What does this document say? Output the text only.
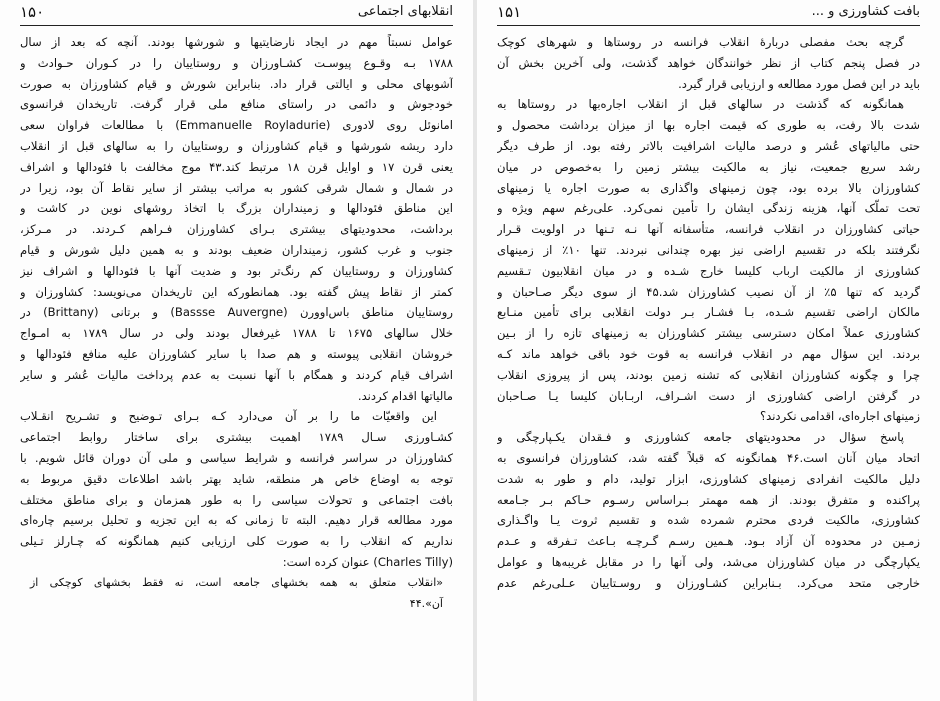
انقلابهای اجتماعی
۱۵۰
عوامل نسبتاً مهم در ایجاد نارضایتیها و شورشها بودند. آنچه که بعد از سال
۱۷۸۸ بـه وقـوع پیوسـت کشـاورزان و روستاییان را در کـوران حـوادث و
آشوبهای محلی و ایالتی قرار داد. بنابراین شورش و قیام کشاورزان به صورت
خودجوش و دائمی در راستای منافع ملی قرار گرفت. تاریخدان فرانسوی
امانوئل روی لادوری (Emmanuelle Royladurie) با مطالعات فراوان سعی
دارد ریشه شورشها و قیام کشاورزان و روستاییان را به سالهای قبل از انقلاب
یعنی قرن ۱۷ و اوایل قرن ۱۸ مرتبط کند.۴۳ موج مخالفت با فئودالها و اشراف
در شمال و شمال شرقی کشور به مراتب بیشتر از سایر نقاط آن بود، زیرا در
این مناطق فئودالها و زمینداران بزرگ با اتخاذ روشهای نوین در کاشت و
برداشت، محدودیتهای بیشتری بـرای کشاورزان فـراهم کـردند. در مـرکز،
جنوب و غرب کشور، زمینداران ضعیف بودند و به همین دلیل شورش و قیام
کشاورزان و روستاییان کم رنگ‌تر بود و ضدیت آنها با فئودالها و اشراف نیز
کمتر از نقاط پیش گفته بود. همانطورکه این تاریخدان می‌نویسد: کشاورزان و
روستاییان مناطق باس‌اوورن (Bassse Auvergne) و برتانی (Brittany) در
خلال سالهای ۱۶۷۵ تا ۱۷۸۸ غیرفعال بودند ولی در سال ۱۷۸۹ به امـواج
خروشان انقلابی پیوسته و هم صدا با سایر کشاورزان علیه منافع فئودالها و
اشراف قیام کردند و همگام با آنها نسبت به عدم پرداخت مالیات عُشر و سایر
مالیاتها اقدام کردند.
این واقعیّات ما را بر آن می‌دارد کـه بـرای تـوضیح و تشـریح انقـلاب
کشـاورزی سـال ۱۷۸۹ اهمیت بیشتری برای ساختار روابط اجتماعی
کشاورزان در سراسر فرانسه و شرایط سیاسی و ملی آن دوران قائل شویم. با
توجه به اوضاع خاص هر منطقه، شاید بهتر باشد اطلاعات دقیق مربوط به
بافت اجتماعی و تحولات سیاسی را به طور همزمان و برای مناطق مختلف
مورد مطالعه قرار دهیم. البته تا زمانی که به این تجزیه و تحلیل برسیم چاره‌ای
نداریم که انقلاب را به صورت کلی ارزیابی کنیم همانگونه که چـارلز تـیلی
(Charles Tilly) عنوان کرده است:
«انقلاب متعلق به همه بخشهای جامعه است، نه فقط بخشهای کوچکی از
آن».۴۴
بافت کشاورزی و ...
۱۵۱
گرچه بحث مفصلی دربارهٔ انقلاب فرانسه در روستاها و شهرهای کوچک
در فصل پنجم کتاب از نظر خوانندگان خواهد گذشت، ولی آخرین بخش آن
باید در این فصل مورد مطالعه و ارزیابی قرار گیرد.
همانگونه که گذشت در سالهای قبل از انقلاب اجاره‌بها در روستاها به
شدت بالا رفت، به طوری که قیمت اجاره بها از میزان برداشت محصول و
حتی مالیاتهای عُشر و درصد مالیات اشرافیت بالاتر رفته بود. از طرف دیگر
رشد سریع جمعیت، نیاز به مالکیت بیشتر زمین را به‌خصوص در میان
کشاورزان بالا برده بود، چون زمینهای واگذاری به صورت اجاره یا زمینهای
تحت تملّک آنها، هزینه زندگی ایشان را تأمین نمی‌کرد. علی‌رغم سهم ویژه و
حیاتی کشاورزان در انقلاب فرانسه، متأسفانه آنها نـه تـنها در اولویت قـرار
نگرفتند بلکه در تقسیم اراضی نیز بهره چندانی نبردند. تنها ۱۰٪ از زمینهای
کشاورزی از مالکیت ارباب کلیسا خارج شـده و در میان انقلابیون تـقسیم
گردید که تنها ۵٪ از آن نصیب کشاورزان شد.۴۵ از سوی دیگر صـاحبان و
مالکان اراضی تقسیم شـده، بـا فشـار بـر دولت انقلابی برای تأمین منـابع
کشاورزی عملاً امکان دسترسی بیشتر کشاورزان به زمینهای تازه را از بـین
بردند. این سؤال مهم در انقلاب فرانسه به قوت خود باقی خواهد ماند کـه
چرا و چگونه کشاورزان انقلابی که تشنه زمین بودند، پس از پیروزی انقلاب
در گرفتن اراضی کشاورزی از دست اشـراف، اربـابان کلیسا یـا صـاحبان
زمینهای اجاره‌ای، اقدامی نکردند؟
پاسخ سؤال در محدودیتهای جامعه کشاورزی و فـقدان یکـپارچگی و
اتحاد میان آنان است.۴۶ همانگونه که قبلاً گفته شد، کشاورزان فرانسوی به
دلیل مالکیت انفرادی زمینهای کشاورزی، ابزار تولید، دام و طور به شدت
پراکنده و متفرق بودند. از همه مهمتر بـراساس رسـوم حـاکم بـر جـامعه
کشاورزی، مالکیت فردی محترم شمرده شده و تقسیم ثروت یـا واگـذاری
زمـین در محدوده آن آزاد بـود. هـمین رسـم گـرچـه بـاعث تـفرقه و عـدم
یکپارچگی در میان کشاورزان می‌شد، ولی آنها را در مقابل غریبه‌ها و عوامل
خارجی متحد می‌کرد. بـنابراین کشـاورزان و روسـتاییان عـلی‌رغم عدم
